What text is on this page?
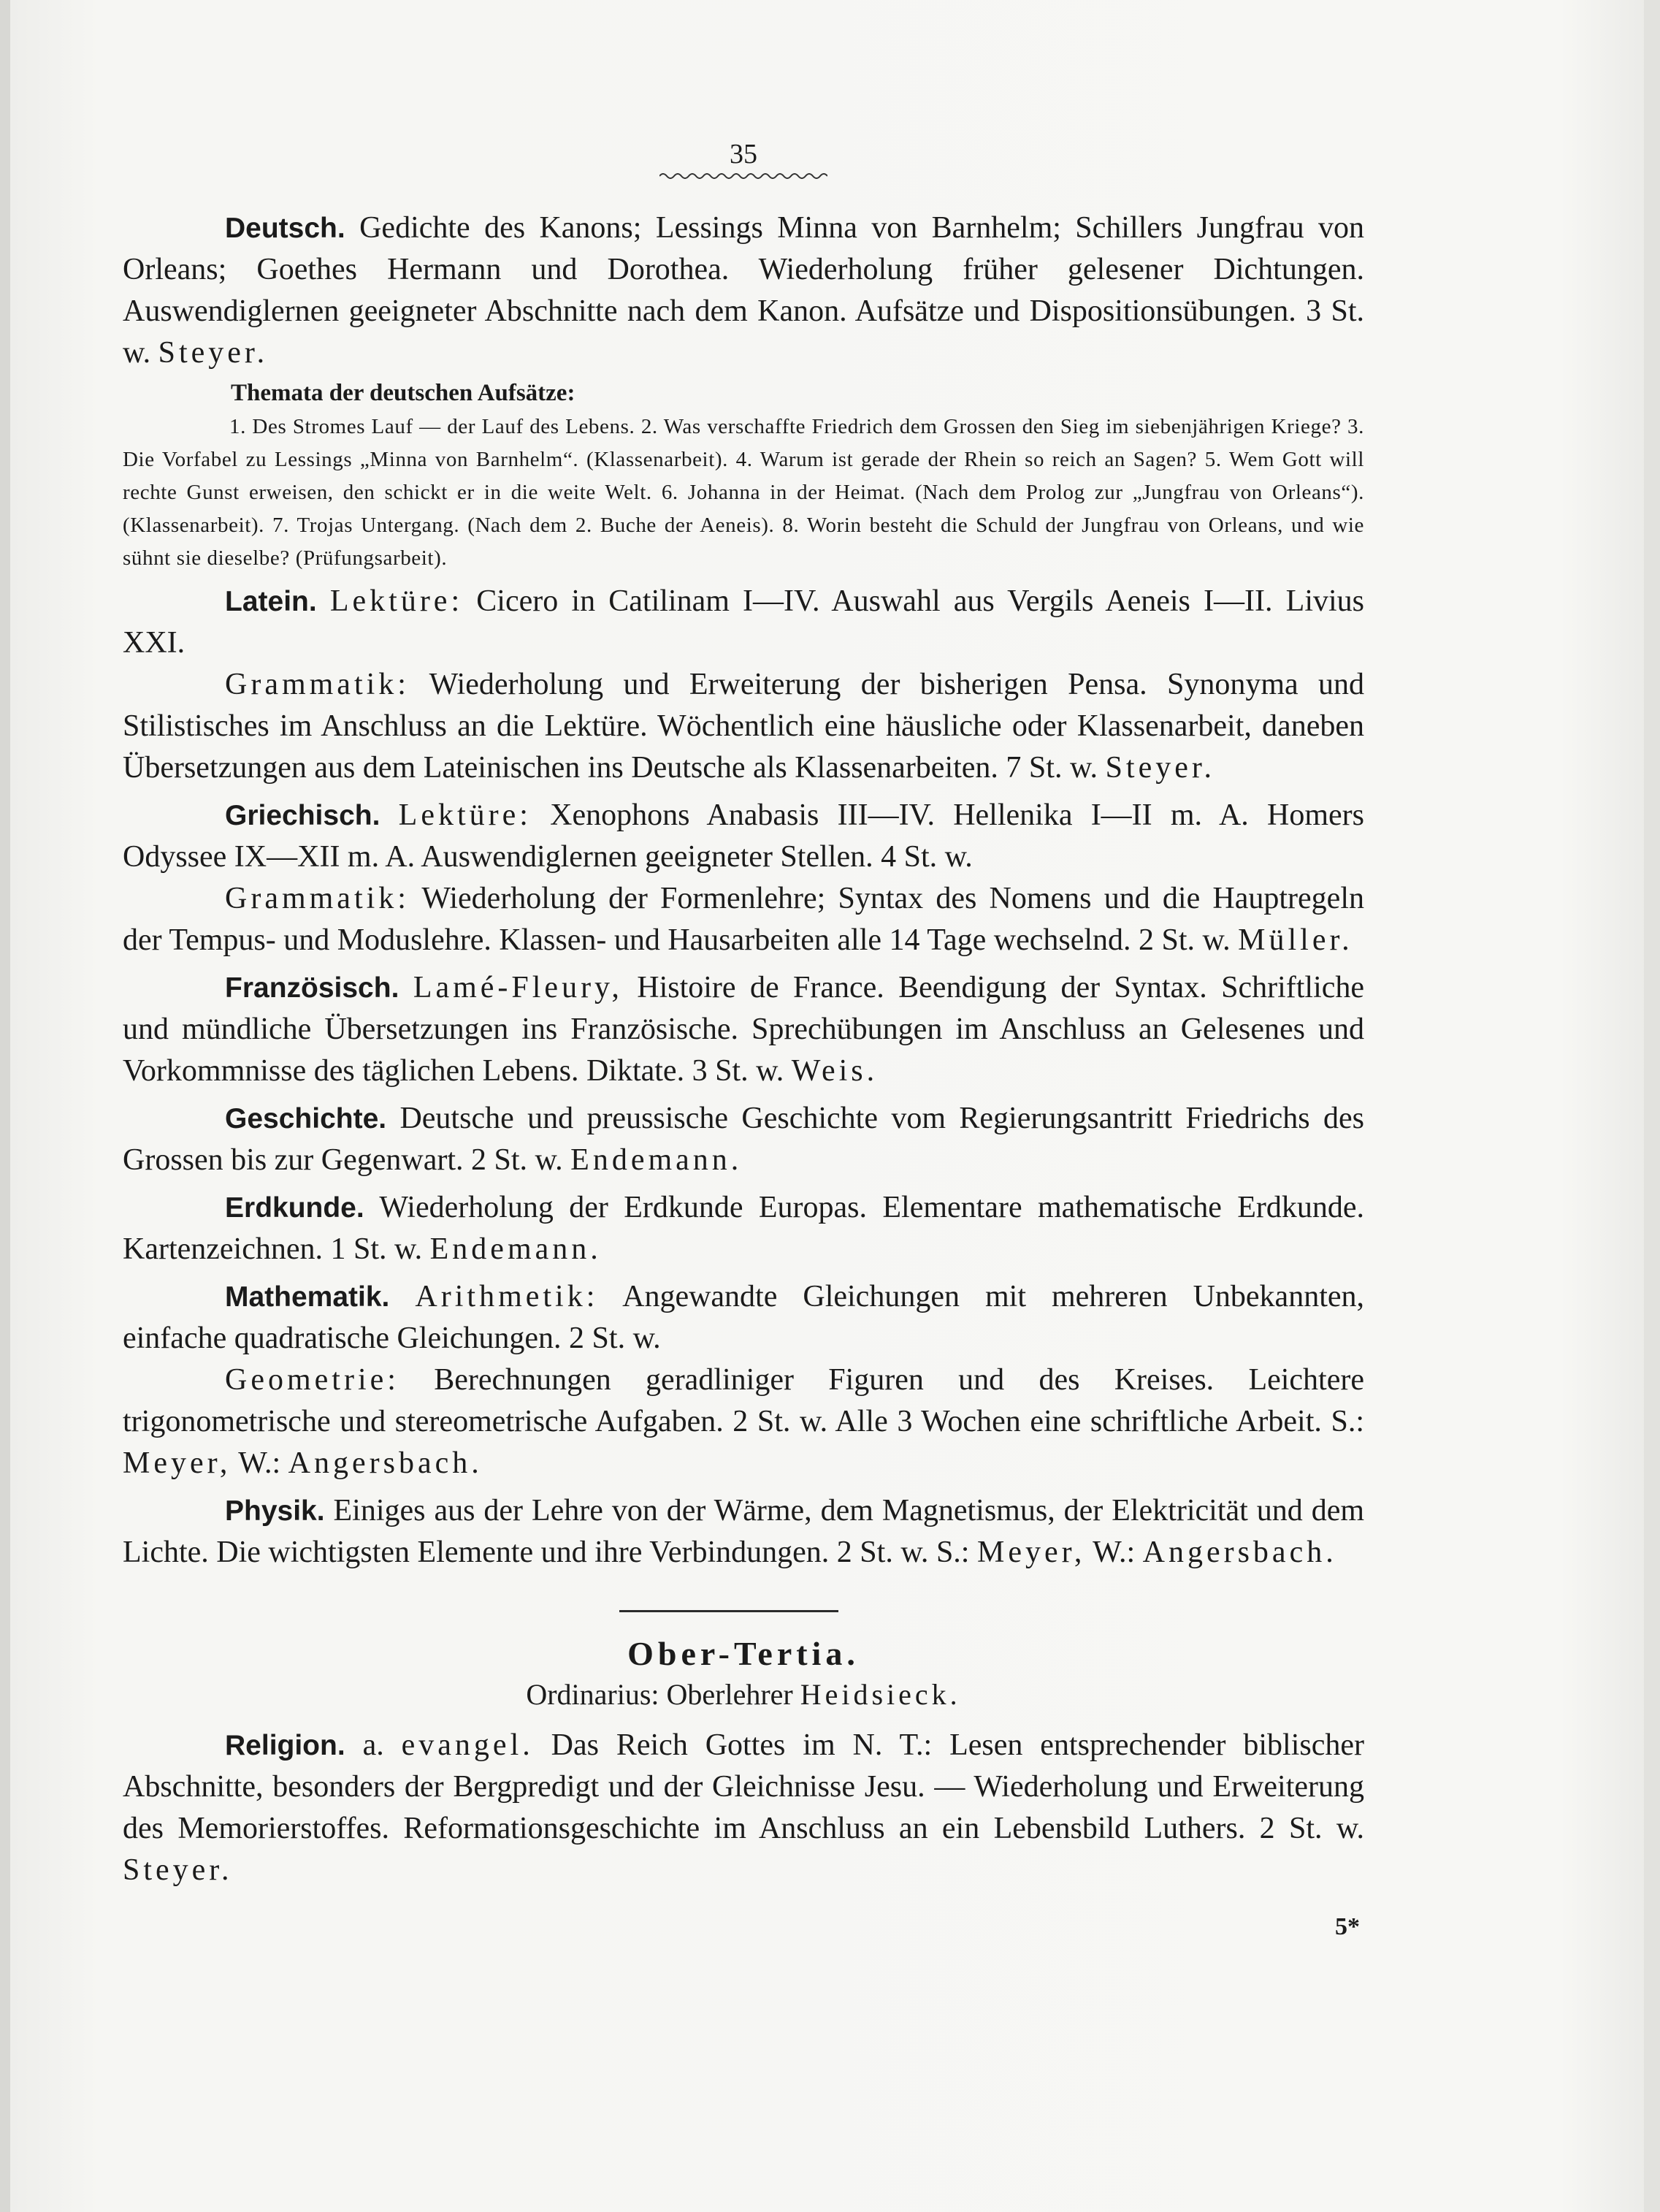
35

Deutsch. Gedichte des Kanons; Lessings Minna von Barnhelm; Schillers Jungfrau von Orleans; Goethes Hermann und Dorothea. Wiederholung früher gelesener Dichtungen. Auswendiglernen geeigneter Abschnitte nach dem Kanon. Aufsätze und Dispositionsübungen. 3 St. w. Steyer.

Themata der deutschen Aufsätze:

1. Des Stromes Lauf — der Lauf des Lebens. 2. Was verschaffte Friedrich dem Grossen den Sieg im siebenjährigen Kriege? 3. Die Vorfabel zu Lessings „Minna von Barnhelm“. (Klassenarbeit). 4. Warum ist gerade der Rhein so reich an Sagen? 5. Wem Gott will rechte Gunst erweisen, den schickt er in die weite Welt. 6. Johanna in der Heimat. (Nach dem Prolog zur „Jungfrau von Orleans“). (Klassenarbeit). 7. Trojas Untergang. (Nach dem 2. Buche der Aeneis). 8. Worin besteht die Schuld der Jungfrau von Orleans, und wie sühnt sie dieselbe? (Prüfungsarbeit).

Latein. Lektüre: Cicero in Catilinam I—IV. Auswahl aus Vergils Aeneis I—II. Livius XXI.

Grammatik: Wiederholung und Erweiterung der bisherigen Pensa. Synonyma und Stilistisches im Anschluss an die Lektüre. Wöchentlich eine häusliche oder Klassenarbeit, daneben Übersetzungen aus dem Lateinischen ins Deutsche als Klassenarbeiten. 7 St. w. Steyer.

Griechisch. Lektüre: Xenophons Anabasis III—IV. Hellenika I—II m. A. Homers Odyssee IX—XII m. A. Auswendiglernen geeigneter Stellen. 4 St. w.

Grammatik: Wiederholung der Formenlehre; Syntax des Nomens und die Hauptregeln der Tempus- und Moduslehre. Klassen- und Hausarbeiten alle 14 Tage wechselnd. 2 St. w. Müller.

Französisch. Lamé-Fleury, Histoire de France. Beendigung der Syntax. Schriftliche und mündliche Übersetzungen ins Französische. Sprechübungen im Anschluss an Gelesenes und Vorkommnisse des täglichen Lebens. Diktate. 3 St. w. Weis.

Geschichte. Deutsche und preussische Geschichte vom Regierungsantritt Friedrichs des Grossen bis zur Gegenwart. 2 St. w. Endemann.

Erdkunde. Wiederholung der Erdkunde Europas. Elementare mathematische Erdkunde. Kartenzeichnen. 1 St. w. Endemann.

Mathematik. Arithmetik: Angewandte Gleichungen mit mehreren Unbekannten, einfache quadratische Gleichungen. 2 St. w.

Geometrie: Berechnungen geradliniger Figuren und des Kreises. Leichtere trigonometrische und stereometrische Aufgaben. 2 St. w. Alle 3 Wochen eine schriftliche Arbeit. S.: Meyer, W.: Angersbach.

Physik. Einiges aus der Lehre von der Wärme, dem Magnetismus, der Elektricität und dem Lichte. Die wichtigsten Elemente und ihre Verbindungen. 2 St. w. S.: Meyer, W.: Angersbach.

Ober-Tertia.
Ordinarius: Oberlehrer Heidsieck.

Religion. a. evangel. Das Reich Gottes im N. T.: Lesen entsprechender biblischer Abschnitte, besonders der Bergpredigt und der Gleichnisse Jesu. — Wiederholung und Erweiterung des Memorierstoffes. Reformationsgeschichte im Anschluss an ein Lebensbild Luthers. 2 St. w. Steyer.

5*
